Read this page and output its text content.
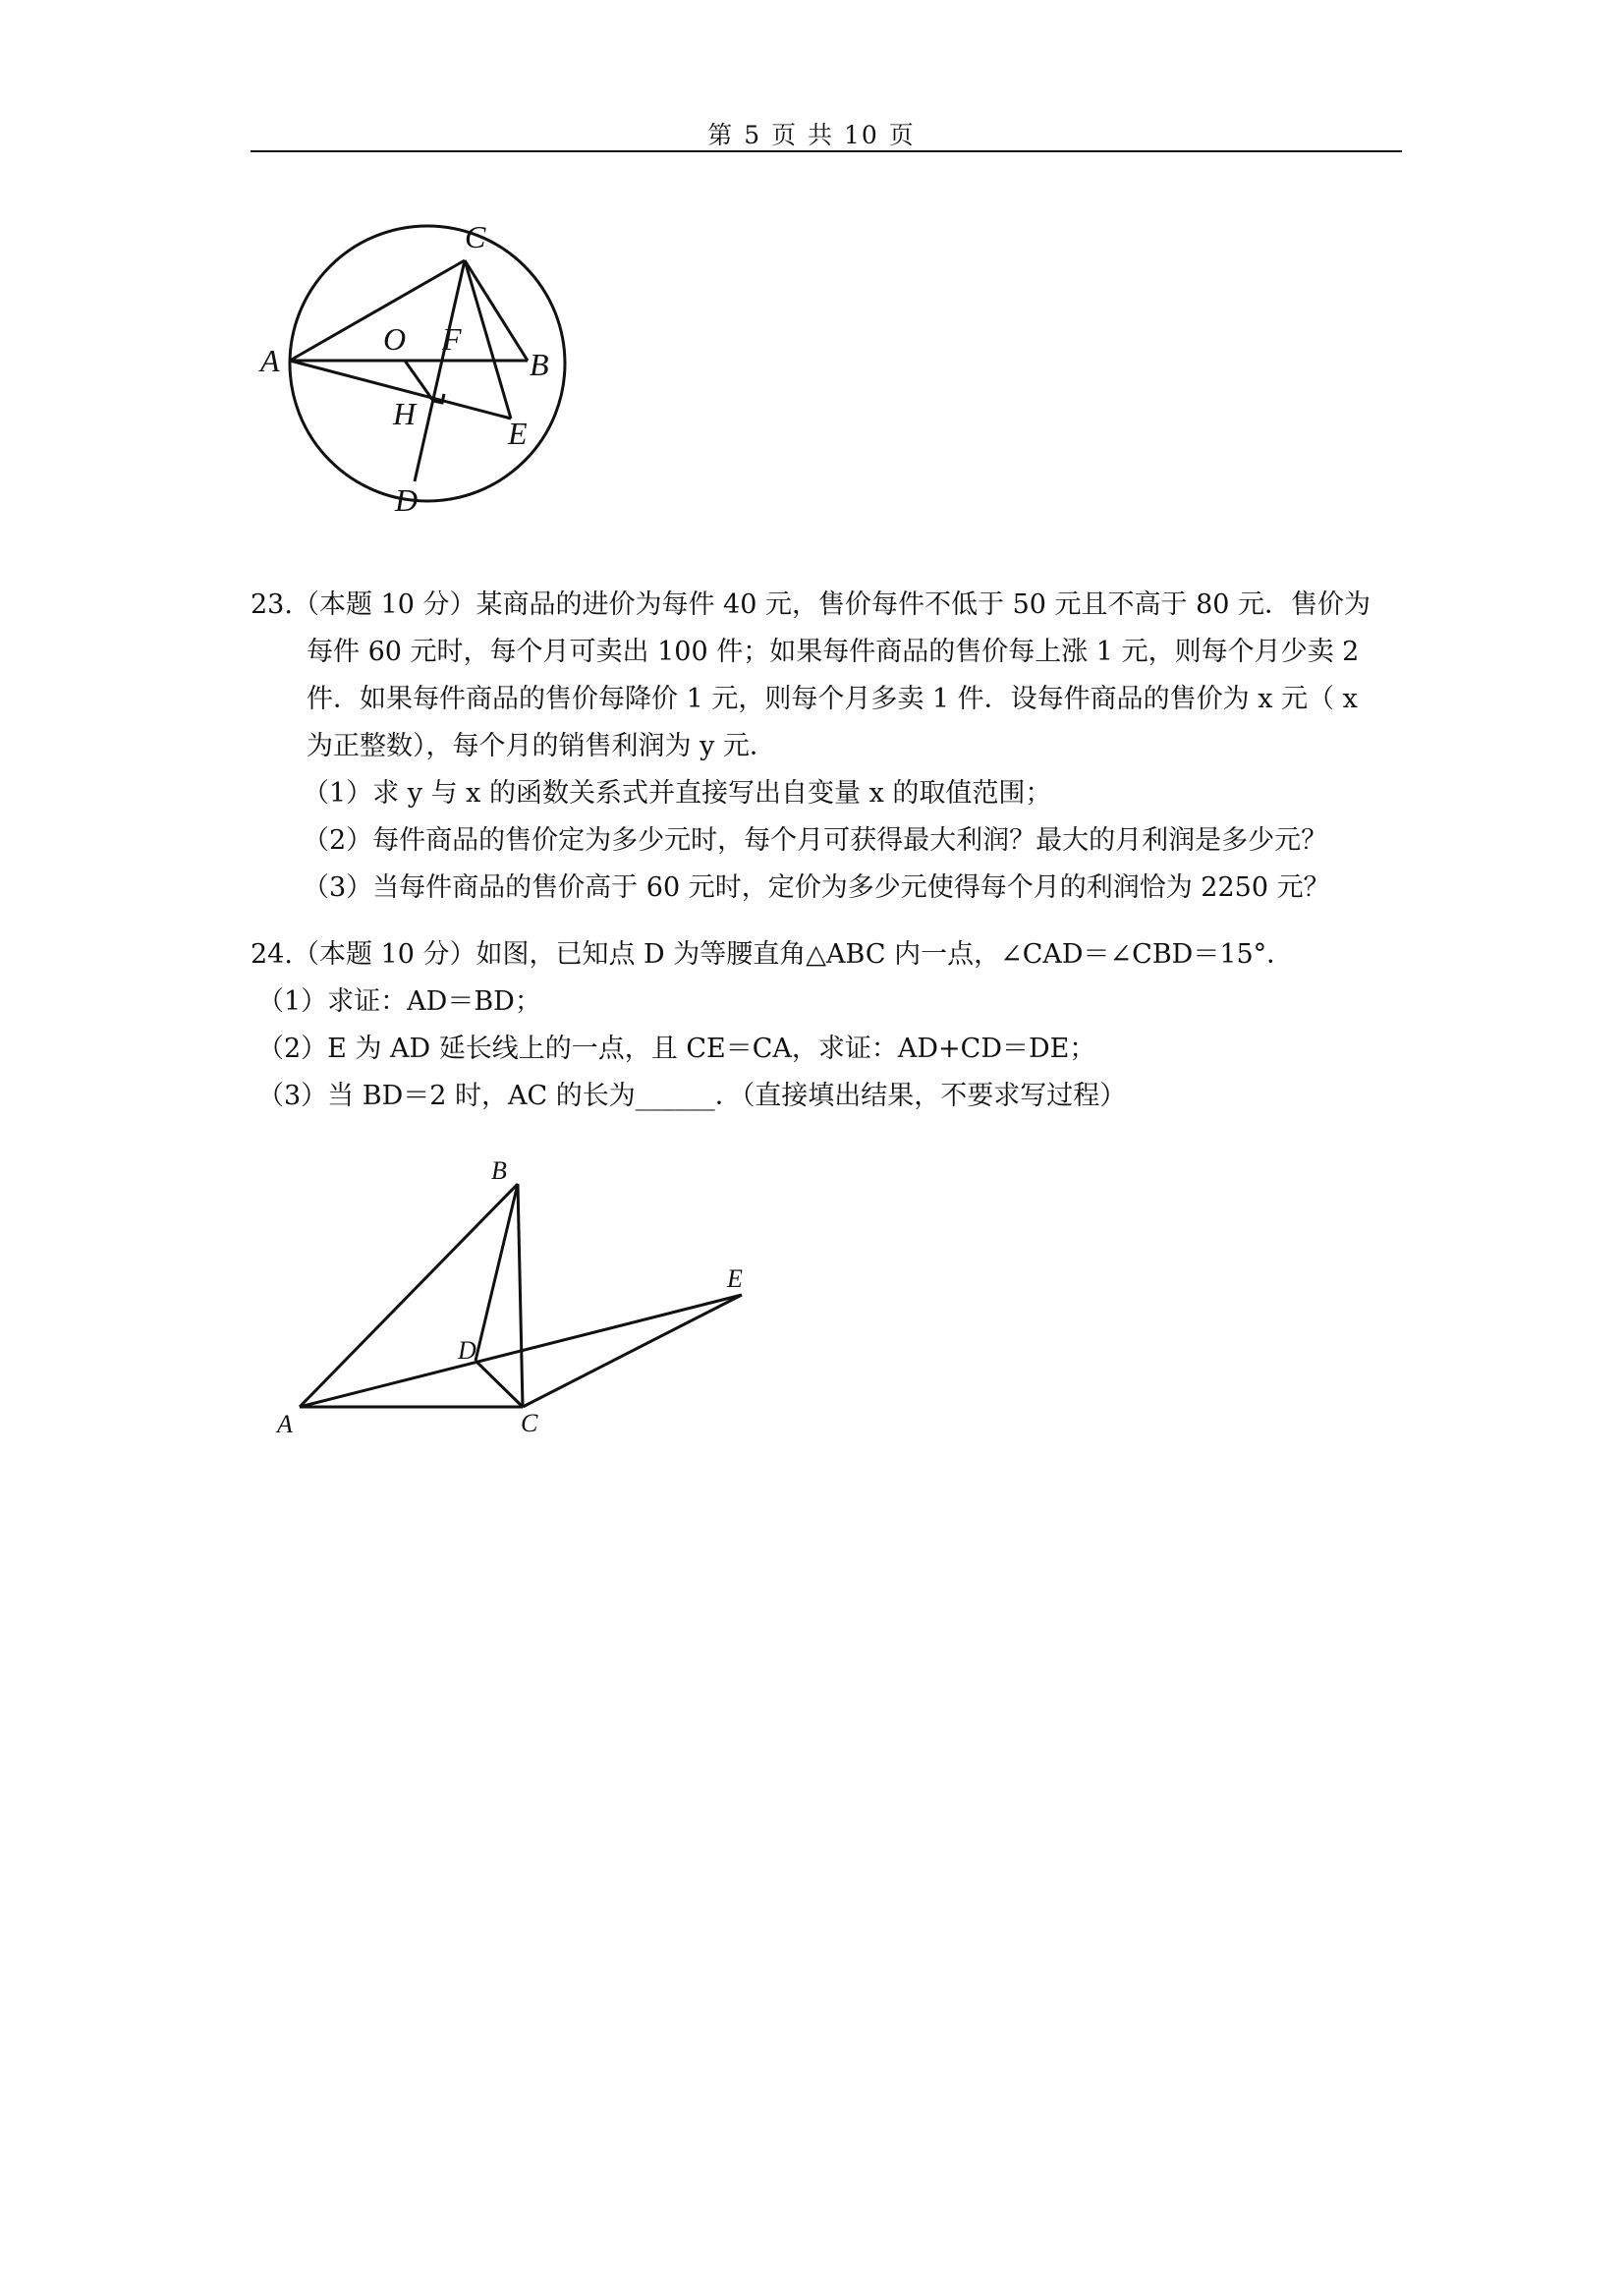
第 5 页 共 10 页
C
A
O F
B
H
E
D
23.（本题 10 分）某商品的进价为每件 40 元，售价每件不低于 50 元且不高于 80 元．售价为
每件 60 元时，每个月可卖出 100 件；如果每件商品的售价每上涨 1 元，则每个月少卖 2
件．如果每件商品的售价每降价 1 元，则每个月多卖 1 件．设每件商品的售价为 x 元（ x
为正整数），每个月的销售利润为 y 元．
（1）求 y 与 x 的函数关系式并直接写出自变量 x 的取值范围；
（2）每件商品的售价定为多少元时，每个月可获得最大利润？最大的月利润是多少元？
（3）当每件商品的售价高于 60 元时，定价为多少元使得每个月的利润恰为 2250 元？
24.（本题 10 分）如图，已知点 D 为等腰直角△ABC 内一点，∠CAD＝∠CBD＝15°．
（1）求证：AD＝BD；
（2）E 为 AD 延长线上的一点，且 CE＝CA，求证：AD+CD＝DE；
（3）当 BD＝2 时，AC 的长为______．（直接填出结果，不要求写过程）
B
E
D
A	C
